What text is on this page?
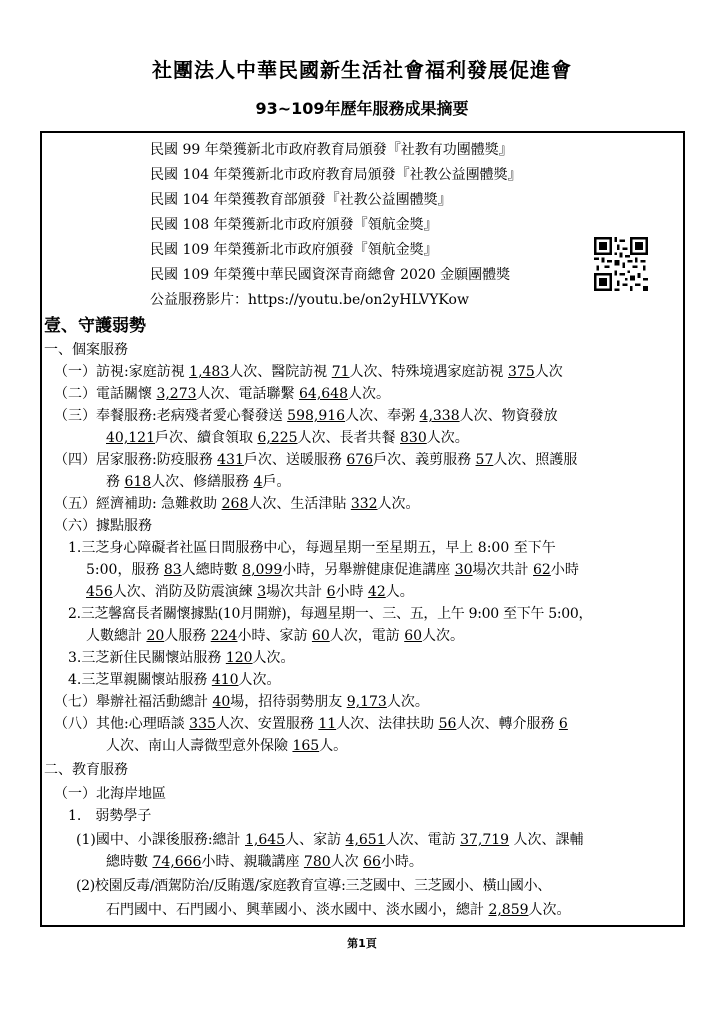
社團法人中華民國新生活社會福利發展促進會
93~109年歷年服務成果摘要
民國 99 年榮獲新北市政府教育局頒發『社教有功團體獎』
民國 104 年榮獲新北市政府教育局頒發『社教公益團體獎』
民國 104 年榮獲教育部頒發『社教公益團體獎』
民國 108 年榮獲新北市政府頒發『領航金獎』
民國 109 年榮獲新北市政府頒發『領航金獎』
民國 109 年榮獲中華民國資深青商總會 2020 金願團體獎
公益服務影片：https://youtu.be/on2yHLVYKow
壹、守護弱勢
一、個案服務
（一）訪視:家庭訪視 1,483人次、醫院訪視 71人次、特殊境遇家庭訪視 375人次
（二）電話關懷 3,273人次、電話聯繫 64,648人次。
（三）奉餐服務:老病殘者愛心餐發送 598,916人次、奉粥 4,338人次、物資發放
40,121戶次、續食領取 6,225人次、長者共餐 830人次。
（四）居家服務:防疫服務 431戶次、送暖服務 676戶次、義剪服務 57人次、照護服
務 618人次、修繕服務 4戶。
（五）經濟補助: 急難救助 268人次、生活津貼 332人次。
（六）據點服務
1.三芝身心障礙者社區日間服務中心，每週星期一至星期五，早上 8:00 至下午
5:00，服務 83人總時數 8,099小時，另舉辦健康促進講座 30場次共計 62小時
456人次、消防及防震演練 3場次共計 6小時 42人。
2.三芝馨窩長者關懷據點(10月開辦)，每週星期一、三、五，上午 9:00 至下午 5:00，
人數總計 20人服務 224小時、家訪 60人次，電訪 60人次。
3.三芝新住民關懷站服務 120人次。
4.三芝單親關懷站服務 410人次。
（七）舉辦社福活動總計 40場，招待弱勢朋友 9,173人次。
（八）其他:心理晤談 335人次、安置服務 11人次、法律扶助 56人次、轉介服務 6
人次、南山人壽微型意外保險 165人。
二、教育服務
（一）北海岸地區
1.　弱勢學子
(1)國中、小課後服務:總計 1,645人、家訪 4,651人次、電訪 37,719 人次、課輔
總時數 74,666小時、親職講座 780人次 66小時。
(2)校園反毒/酒駕防治/反賄選/家庭教育宣導:三芝國中、三芝國小、橫山國小、
石門國中、石門國小、興華國小、淡水國中、淡水國小，總計 2,859人次。
第1頁
